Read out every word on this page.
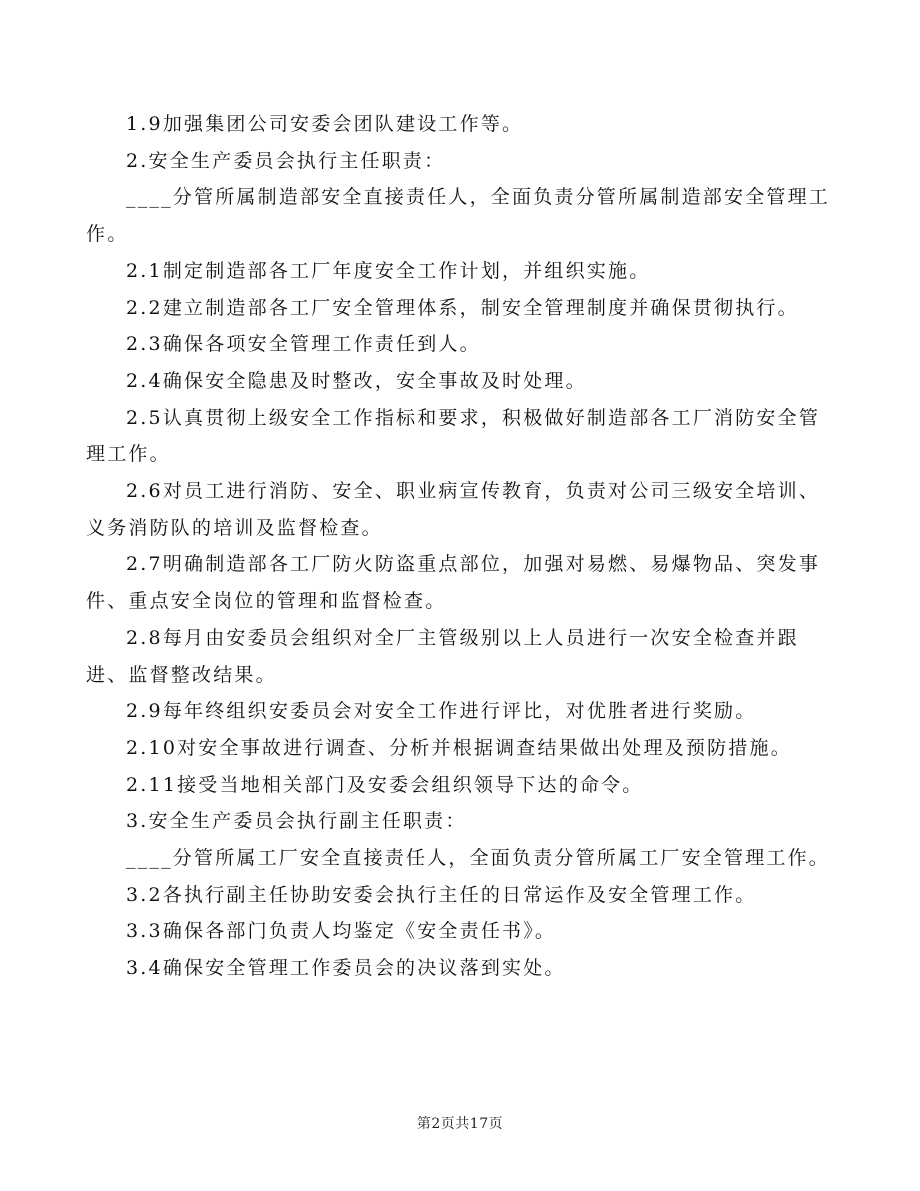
1.9加强集团公司安委会团队建设工作等。

2.安全生产委员会执行主任职责：

____分管所属制造部安全直接责任人，全面负责分管所属制造部安全管理工作。

2.1制定制造部各工厂年度安全工作计划，并组织实施。

2.2建立制造部各工厂安全管理体系，制安全管理制度并确保贯彻执行。

2.3确保各项安全管理工作责任到人。

2.4确保安全隐患及时整改，安全事故及时处理。

2.5认真贯彻上级安全工作指标和要求，积极做好制造部各工厂消防安全管理工作。

2.6对员工进行消防、安全、职业病宣传教育，负责对公司三级安全培训、义务消防队的培训及监督检查。

2.7明确制造部各工厂防火防盗重点部位，加强对易燃、易爆物品、突发事件、重点安全岗位的管理和监督检查。

2.8每月由安委员会组织对全厂主管级别以上人员进行一次安全检查并跟进、监督整改结果。

2.9每年终组织安委员会对安全工作进行评比，对优胜者进行奖励。

2.10对安全事故进行调查、分析并根据调查结果做出处理及预防措施。

2.11接受当地相关部门及安委会组织领导下达的命令。

3.安全生产委员会执行副主任职责：

____分管所属工厂安全直接责任人，全面负责分管所属工厂安全管理工作。

3.2各执行副主任协助安委会执行主任的日常运作及安全管理工作。

3.3确保各部门负责人均鉴定《安全责任书》。

3.4确保安全管理工作委员会的决议落到实处。

第2页共17页
